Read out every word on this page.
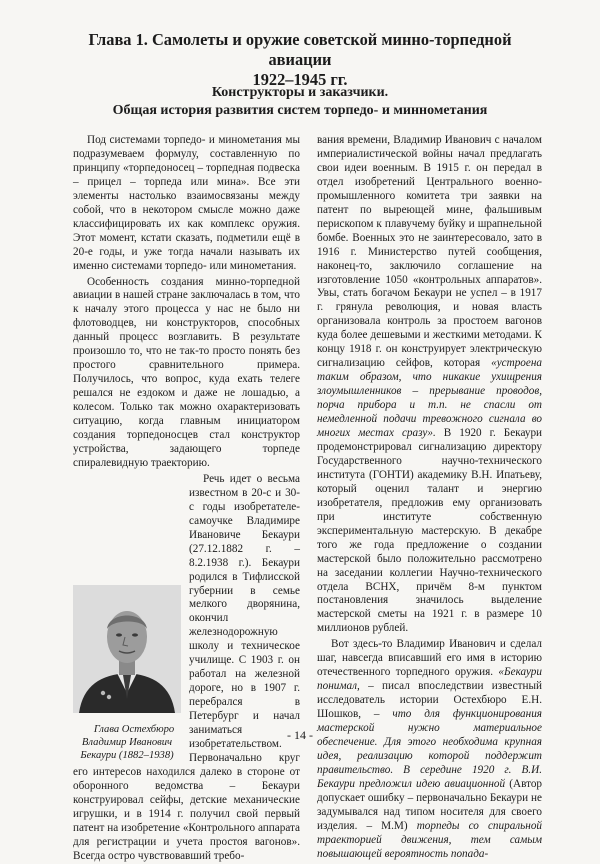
Глава 1. Самолеты и оружие советской минно-торпедной авиации
1922–1945 гг.
Конструкторы и заказчики.
Общая история развития систем торпедо- и миннометания

Под системами торпедо- и минометания мы подразумеваем формулу, составленную по принципу «торпедоносец – торпедная подвеска – прицел – торпеда или мина». Все эти элементы настолько взаимосвязаны между собой, что в некотором смысле можно даже классифицировать их как комплекс оружия. Этот момент, кстати сказать, подметили ещё в 20-е годы, и уже тогда начали называть их именно системами торпедо- или минометания.

Особенность создания минно-торпедной авиации в нашей стране заключалась в том, что к началу этого процесса у нас не было ни флотоводцев, ни конструкторов, способных данный процесс возглавить. В результате произошло то, что не так-то просто понять без простого сравнительного примера. Получилось, что вопрос, куда ехать телеге решался не ездоком и даже не лошадью, а колесом. Только так можно охарактеризовать ситуацию, когда главным инициатором создания торпедоносцев стал конструктор устройства, задающего торпеде спиралевидную траекторию.

Глава Остехбюро Владимир Иванович Бекаури (1882–1938)
Речь идет о весьма известном в 20-с и 30-с годы изобретателе-самоучке Владимире Ивановиче Бекаури (27.12.1882 г. – 8.2.1938 г.). Бекаури родился в Тифлисской губернии в семье мелкого дворянина, окончил железнодорожную школу и техническое училище. С 1903 г. он работал на железной дороге, но в 1907 г. перебрался в Петербург и начал заниматься изобретательством. Первоначально круг его интересов находился далеко в стороне от оборонного ведомства – Бекаури конструировал сейфы, детские механические игрушки, и в 1914 г. получил свой первый патент на изобретение «Контрольного аппарата для регистрации и учета простоя вагонов». Всегда остро чувствовавший требо-

вания времени, Владимир Иванович с началом империалистической войны начал предлагать свои идеи военным. В 1915 г. он передал в отдел изобретений Центрального военно-промышленного комитета три заявки на патент по выреющей мине, фальшивым перископом к плавучему буйку и шрапнельной бомбе. Военных это не заинтересовало, зато в 1916 г. Министерство путей сообщения, наконец-то, заключило соглашение на изготовление 1050 «контрольных аппаратов». Увы, стать богачом Бекаури не успел – в 1917 г. грянула революция, и новая власть организовала контроль за простоем вагонов куда более дешевыми и жесткими методами. К концу 1918 г. он конструирует электрическую сигнализацию сейфов, которая «устроена таким образом, что никакие ухищрения злоумышленников – прерывание проводов, порча прибора и т.п. не спасли от немедленной подачи тревожного сигнала во многих местах сразу». В 1920 г. Бекаури продемонстрировал сигнализацию директору Государственного научно-технического института (ГОНТИ) академику В.Н. Ипатьеву, который оценил талант и энергию изобретателя, предложив ему организовать при институте собственную экспериментальную мастерскую. В декабре того же года предложение о создании мастерской было положительно рассмотрено на заседании коллегии Научно-технического отдела ВСНХ, причём 8-м пунктом постановления значилось выделение мастерской сметы на 1921 г. в размере 10 миллионов рублей.

Вот здесь-то Владимир Иванович и сделал шаг, навсегда вписавший его имя в историю отечественного торпедного оружия. «Бекаури понимал, – писал впоследствии известный исследователь истории Остехбюро Е.Н. Шошков, – что для функционирования мастерской нужно материальное обеспечение. Для этого необходима крупная идея, реализацию которой поддержит правительство. В середине 1920 г. В.И. Бекаури предложил идею авиационной (Автор допускает ошибку – первоначально Бекаури не задумывался над типом носителя для своего изделия. – М.М) торпеды со спиральной траекторией движения, тем самым повышающей вероятность попада-

- 14 -
